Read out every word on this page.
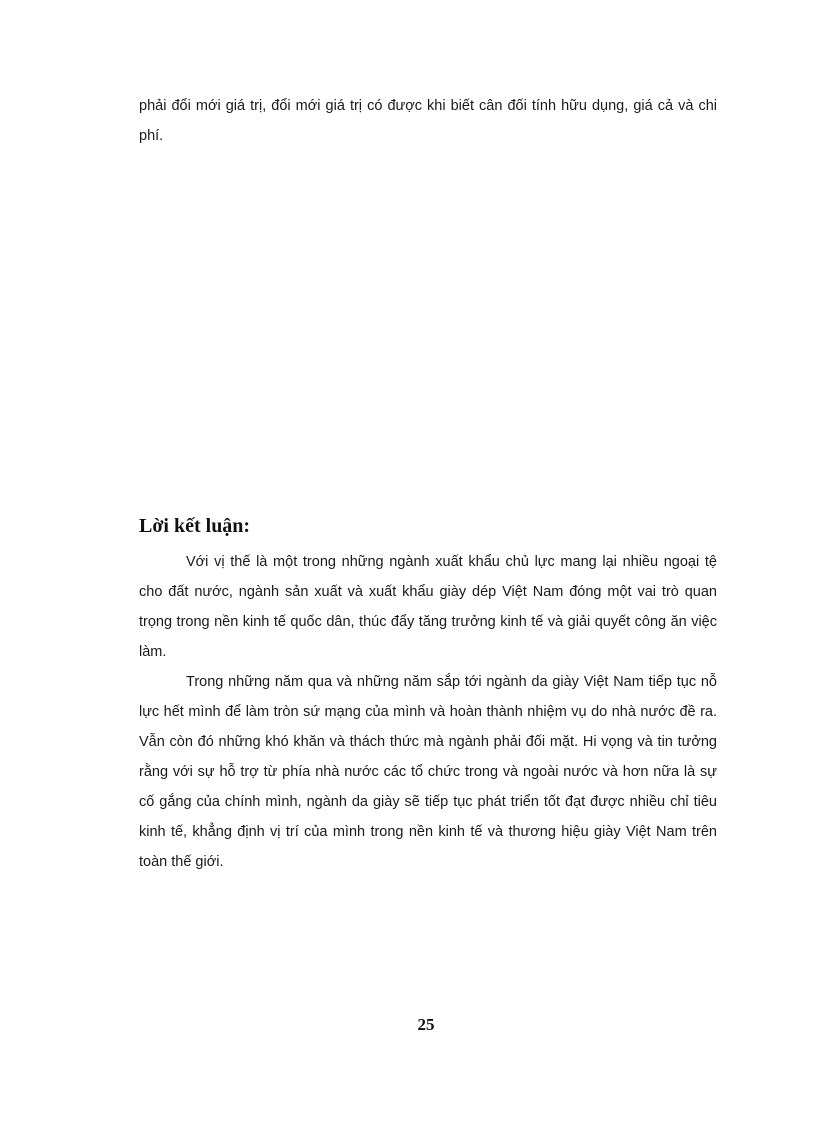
phải đổi mới giá trị, đổi mới giá trị có được khi biết cân đối tính hữu dụng, giá cả và chi phí.
Lời kết luận:

Với vị thế là một trong những ngành xuất khẩu chủ lực mang lại nhiều ngoại tệ cho đất nước, ngành sản xuất và xuất khẩu giày dép Việt Nam đóng một vai trò quan trọng trong nền kinh tế quốc dân, thúc đẩy tăng trưởng kinh tế và giải quyết công ăn việc làm.

Trong những năm qua và những năm sắp tới ngành da giày Việt Nam tiếp tục nỗ lực hết mình để làm tròn sứ mạng của mình và hoàn thành nhiệm vụ do nhà nước đề ra. Vẫn còn đó những khó khăn và thách thức mà ngành phải đối mặt. Hi vọng và tin tưởng rằng với sự hỗ trợ từ phía nhà nước các tổ chức trong và ngoài nước và hơn nữa là sự cố gắng của chính mình, ngành da giày sẽ tiếp tục phát triển tốt đạt được nhiều chỉ tiêu kinh tế, khẳng định vị trí của mình trong nền kinh tế và thương hiệu giày Việt Nam trên toàn thế giới.

25
